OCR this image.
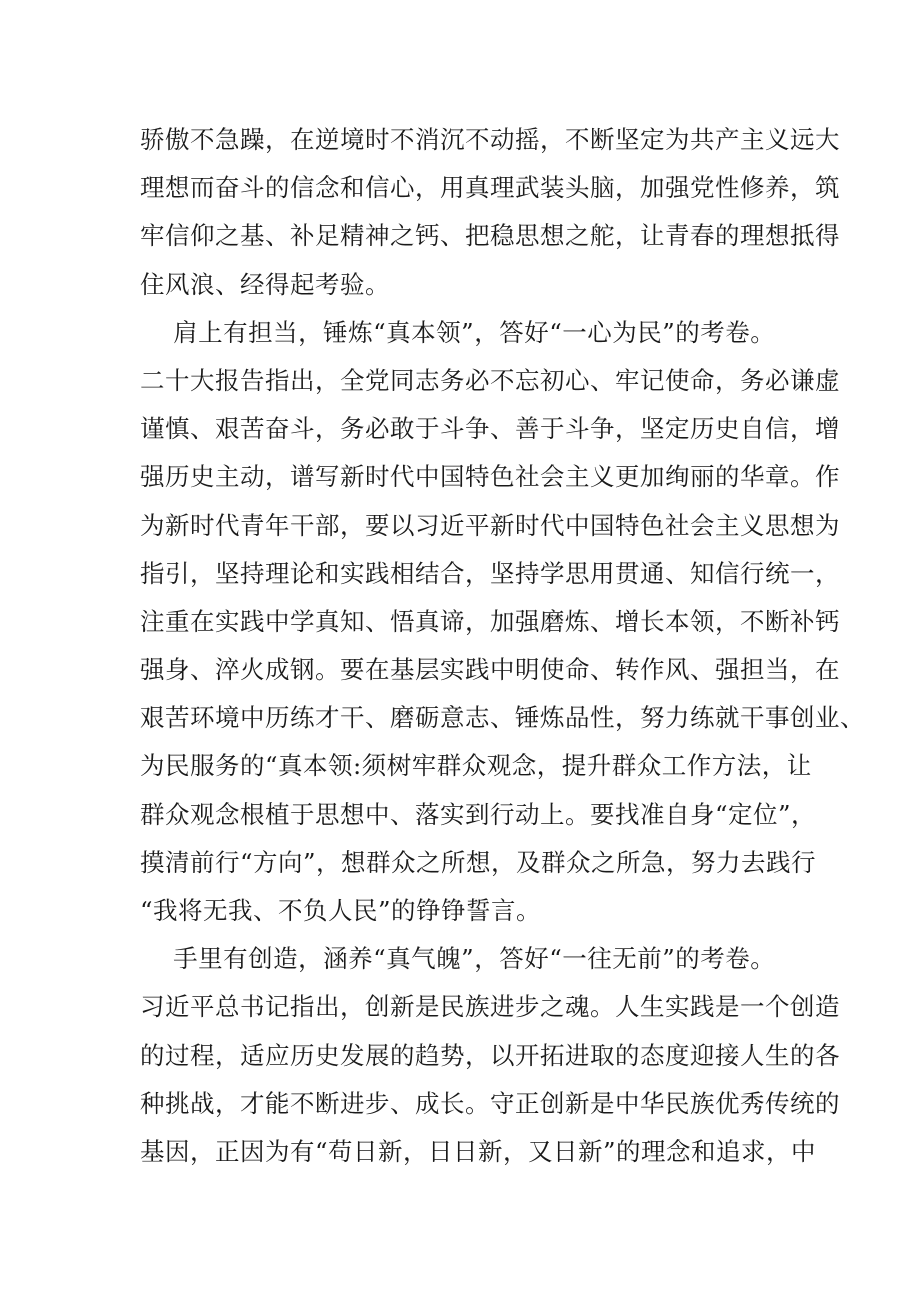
骄傲不急躁，在逆境时不消沉不动摇，不断坚定为共产主义远大
理想而奋斗的信念和信心，用真理武装头脑，加强党性修养，筑
牢信仰之基、补足精神之钙、把稳思想之舵，让青春的理想抵得
住风浪、经得起考验。
肩上有担当，锤炼“真本领”，答好“一心为民”的考卷。
二十大报告指出，全党同志务必不忘初心、牢记使命，务必谦虚
谨慎、艰苦奋斗，务必敢于斗争、善于斗争，坚定历史自信，增
强历史主动，谱写新时代中国特色社会主义更加绚丽的华章。作
为新时代青年干部，要以习近平新时代中国特色社会主义思想为
指引，坚持理论和实践相结合，坚持学思用贯通、知信行统一，
注重在实践中学真知、悟真谛，加强磨炼、增长本领，不断补钙
强身、淬火成钢。要在基层实践中明使命、转作风、强担当，在
艰苦环境中历练才干、磨砺意志、锤炼品性，努力练就干事创业、
为民服务的“真本领:须树牢群众观念，提升群众工作方法，让
群众观念根植于思想中、落实到行动上。要找准自身“定位”，
摸清前行“方向”，想群众之所想，及群众之所急，努力去践行
“我将无我、不负人民”的铮铮誓言。
手里有创造，涵养“真气魄”，答好“一往无前”的考卷。
习近平总书记指出，创新是民族进步之魂。人生实践是一个创造
的过程，适应历史发展的趋势，以开拓进取的态度迎接人生的各
种挑战，才能不断进步、成长。守正创新是中华民族优秀传统的
基因，正因为有“苟日新，日日新，又日新”的理念和追求，中
